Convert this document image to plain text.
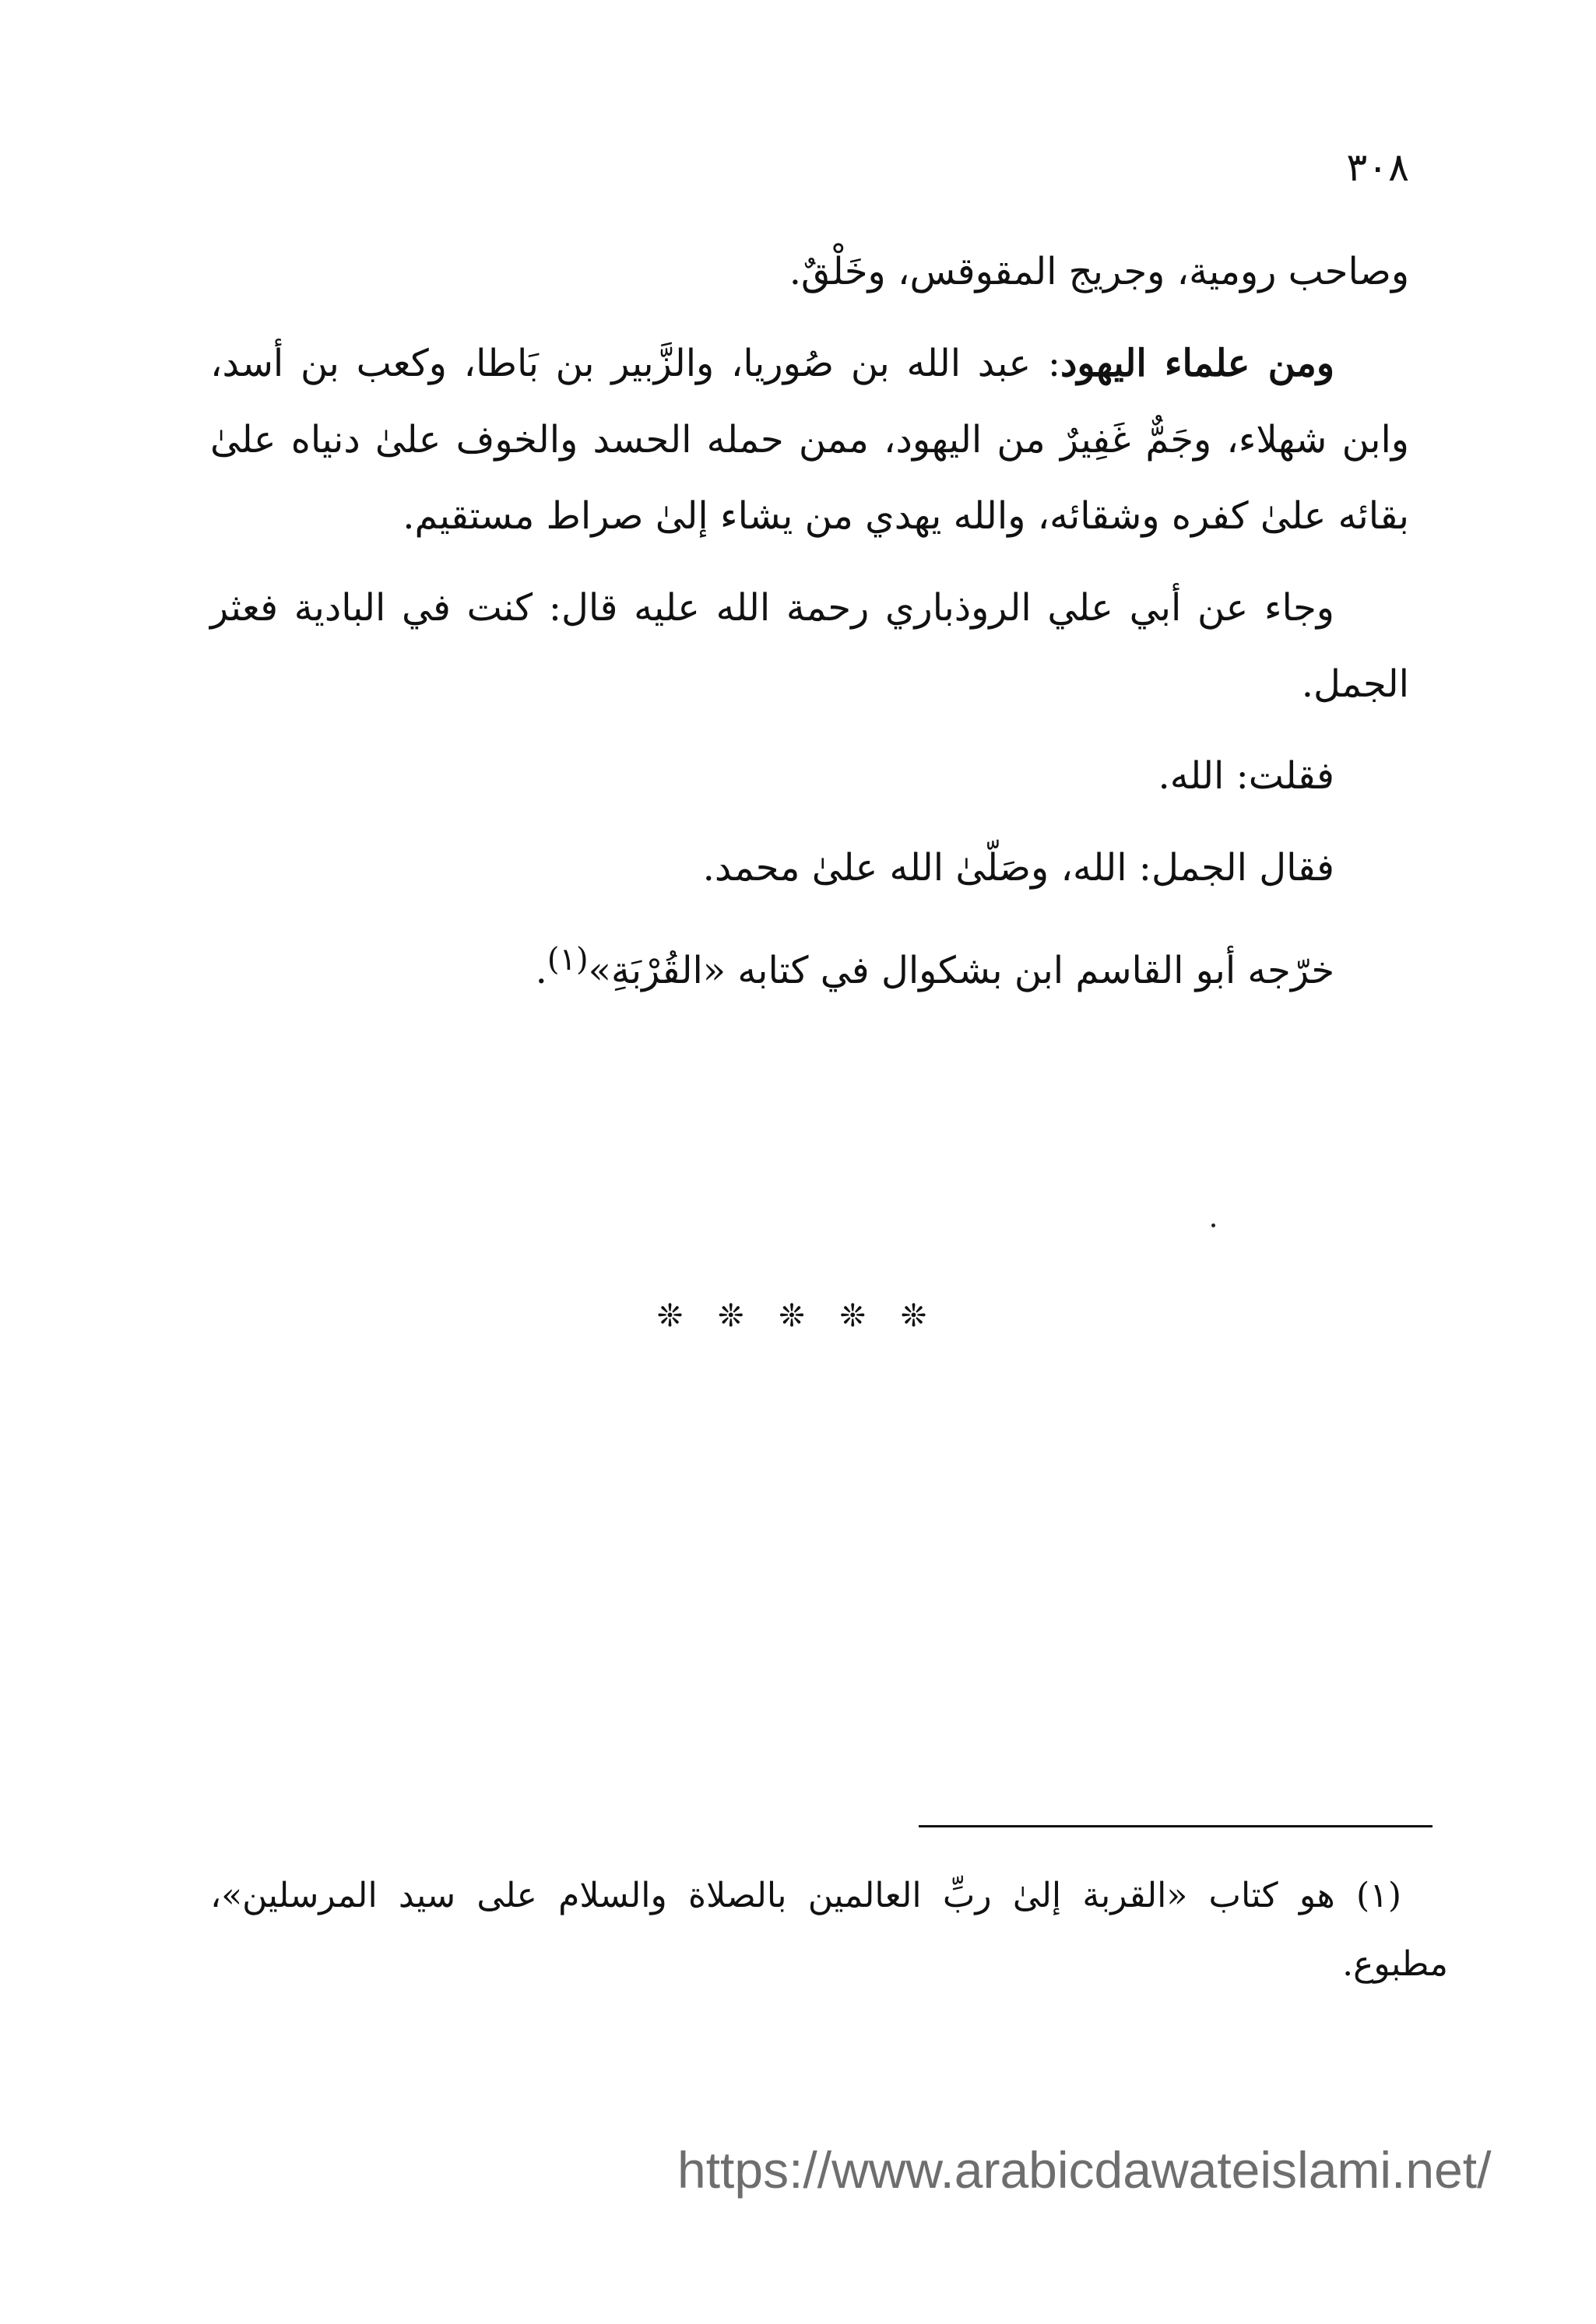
٣٠٨

وصاحب رومية، وجريج المقوقس، وخَلْقٌ.

ومن علماء اليهود: عبد الله بن صُوريا، والزَّبير بن بَاطا، وكعب بن أسد، وابن شهلاء، وجَمٌّ غَفِيرٌ من اليهود، ممن حمله الحسد والخوف علىٰ دنياه علىٰ بقائه علىٰ كفره وشقائه، والله يهدي من يشاء إلىٰ صراط مستقيم.

وجاء عن أبي علي الروذباري رحمة الله عليه قال: كنت في البادية فعثر الجمل.

فقلت: الله.

فقال الجمل: الله، وصَلّىٰ الله علىٰ محمد.

خرّجه أبو القاسم ابن بشكوال في كتابه «القُرْبَةِ»$^{(١)}$.

❊ ❊ ❊ ❊ ❊

(١) هو كتاب «القربة إلىٰ ربِّ العالمين بالصلاة والسلام على سيد المرسلين»، مطبوع.

https://www.arabicdawateislami.net/
